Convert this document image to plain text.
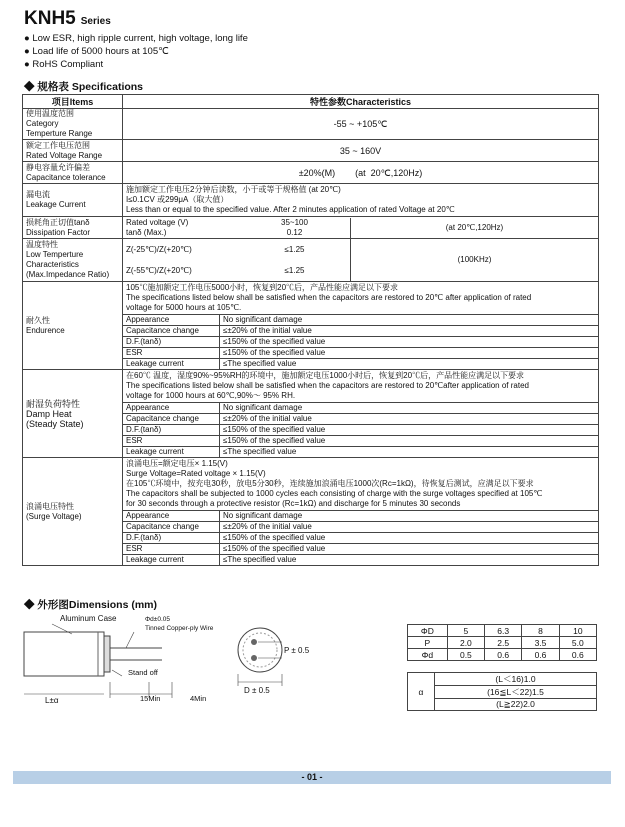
KNH5 Series
● Low ESR, high ripple current, high voltage, long life
● Load life of 5000 hours at 105℃
● RoHS Compliant
◆ 规格表 Specifications
项目Items	特性参数Characteristics

使用温度范围
Category
Temperture Range
	-55 ~ +105℃

额定工作电压范围
Rated Voltage Range	35 ~ 160V

静电容量允许偏差
Capacitance tolerance	±20%(M)        (at  20℃,120Hz)

漏电流
Leakage Current

施加额定工作电压2分钟后读数，小于或等于规格值 (at 20℃)
I≤0.1CV 或299μA（取大值）
Less than or equal to the specified value. After 2 minutes application of rated Voltage at 20℃

损耗角正切值tanδ
Dissipation Factor

Rated voltage (V)	35~100
tanδ (Max.)	0.12
	(at 20℃,120Hz)

温度特性
Low Temperture
Characteristics
(Max.Impedance Ratio)

Z(-25℃)/Z(+20℃)	≤1.25
Z(-55℃)/Z(+20℃)	≤1.25
	(100KHz)

耐久性
Endurence

105℃施加额定工作电压5000小时，恢复到20℃后，产品性能应满足以下要求
The specifications listed below shall be satisfied when the capacitors are restored to 20℃ after application of rated
voltage for 5000 hours at 105℃.
Appearance	No significant damage
Capacitance change	≤±20% of the initial value
D.F.(tanδ)	≤150% of the specified value
ESR	≤150% of the specified value
Leakage current	≤The specified value

耐湿负荷特性
Damp Heat
(Steady State)

在60℃ 温度，湿度90%~95%RH的环境中，施加额定电压1000小时后，恢复到20℃后，产品性能应满足以下要求
The specifications listed below shall be satisfied when the capacitors are restored to 20℃after application of rated
voltage for 1000 hours at 60℃,90%～ 95% RH.
Appearance	No significant damage
Capacitance change	≤±20% of the initial value
D.F.(tanδ)	≤150% of the specified value
ESR	≤150% of the specified value
Leakage current	≤The specified value

浪涌电压特性
(Surge Voltage)

浪涌电压=额定电压× 1.15(V)
Surge Voltage=Rated voltage × 1.15(V)
在105℃环境中，按充电30秒，放电5分30秒，连续施加浪涌电压1000次(Rc=1kΩ)，待恢复后测试，应满足以下要求
The capacitors shall be subjected to 1000 cycles each consisting of charge with the surge voltages specified at 105℃
for 30 seconds through a protective resistor (Rc=1kΩ) and discharge for 5 minutes 30 seconds
Appearance	No significant damage
Capacitance change	≤±20% of the initial value
D.F.(tanδ)	≤150% of the specified value
ESR	≤150% of the specified value
Leakage current	≤The specified value
◆ 外形图Dimensions (mm)
Aluminum Case	Φd±0.05
Tinned Copper-ply Wire
Stand off
L±α	15Min	4Min
P ± 0.5
D ± 0.5
ΦD	5	6.3	8	10
P	2.0	2.5	3.5	5.0
Φd	0.5	0.6	0.6	0.6
α	(L＜16)1.0
(16≦L＜22)1.5
(L≧22)2.0
- 01 -
